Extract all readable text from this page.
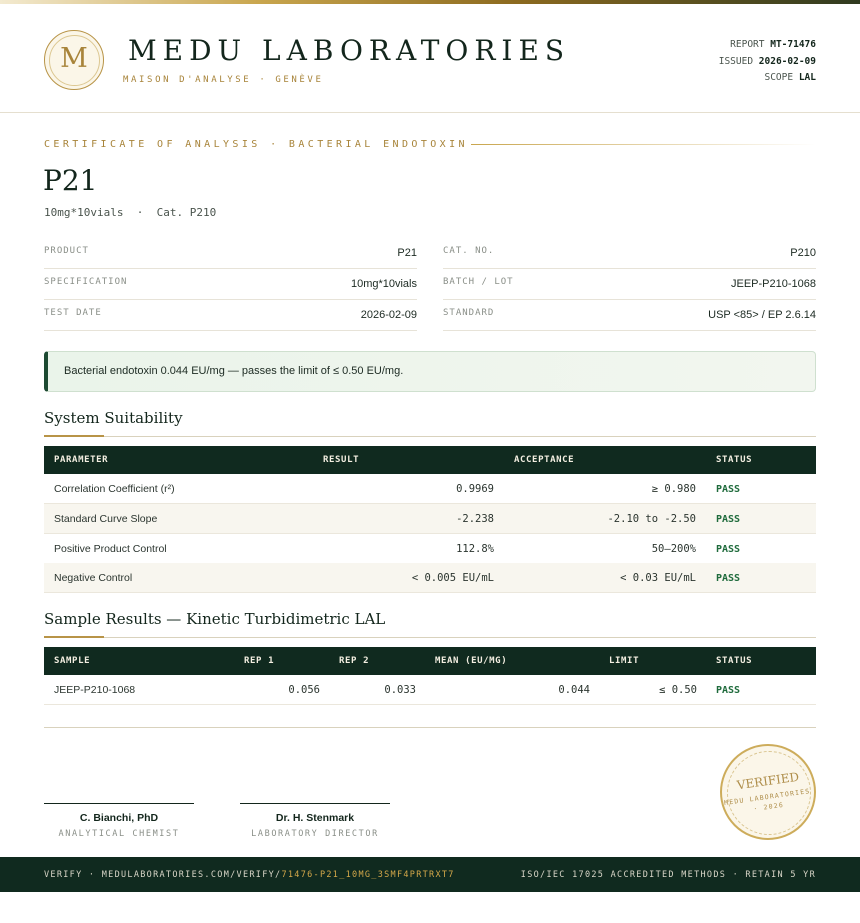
M	MEDU LABORATORIES
MAISON D'ANALYSE · GENÈVE
REPORT MT-71476
ISSUED 2026-02-09
SCOPE LAL
CERTIFICATE OF ANALYSIS · BACTERIAL ENDOTOXIN
P21
10mg*10vials  ·  Cat. P210
PRODUCT	P21	CAT. NO.	P210
SPECIFICATION	10mg*10vials	BATCH / LOT	JEEP-P210-1068
TEST DATE	2026-02-09	STANDARD	USP <85> / EP 2.6.14
Bacterial endotoxin 0.044 EU/mg — passes the limit of ≤ 0.50 EU/mg.
System Suitability
PARAMETER	RESULT	ACCEPTANCE	STATUS
Correlation Coefficient (r²)	0.9969	≥ 0.980 PASS
Standard Curve Slope	-2.238	-2.10 to -2.50 PASS
Positive Product Control	112.8%	50–200% PASS
Negative Control	< 0.005 EU/mL	< 0.03 EU/mL PASS
Sample Results — Kinetic Turbidimetric LAL
SAMPLE	REP 1	REP 2	MEAN (EU/MG)	LIMIT	STATUS
JEEP-P210-1068	0.056	0.033	0.044	≤ 0.50 PASS
C. Bianchi, PhD
ANALYTICAL CHEMIST
Dr. H. Stenmark
LABORATORY DIRECTOR
VERIFIED
MEDU LABORATORIES · 2026
VERIFY · MEDULABORATORIES.COM/VERIFY/71476-P21_10MG_3SMF4PRTRXT7	ISO/IEC 17025 ACCREDITED METHODS · RETAIN 5 YR
